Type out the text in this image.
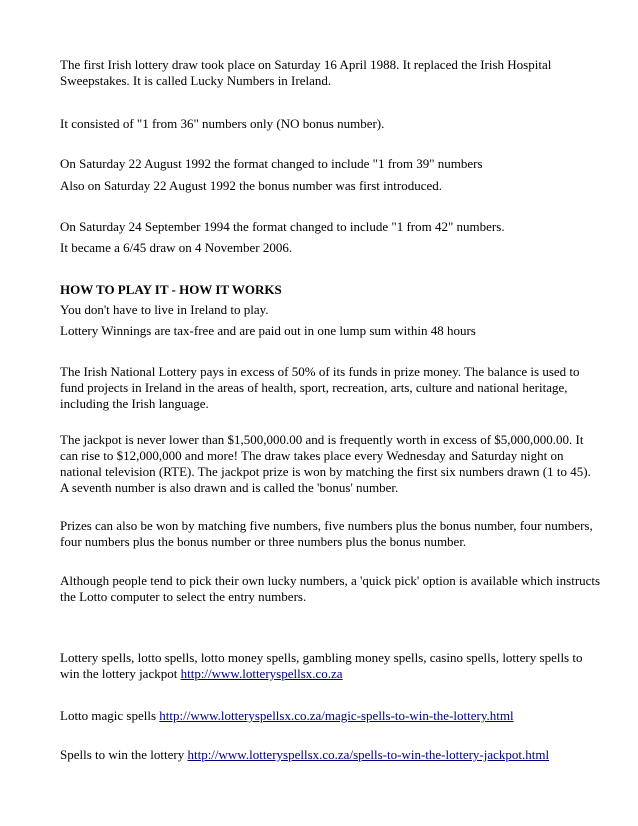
The first Irish lottery draw took place on Saturday 16 April 1988. It replaced the Irish Hospital
Sweepstakes. It is called Lucky Numbers in Ireland.
It consisted of "1 from 36" numbers only (NO bonus number).
On Saturday 22 August 1992 the format changed to include "1 from 39" numbers
Also on Saturday 22 August 1992 the bonus number was first introduced.
On Saturday 24 September 1994 the format changed to include "1 from 42" numbers.
It became a 6/45 draw on 4 November 2006.
HOW TO PLAY IT - HOW IT WORKS
You don't have to live in Ireland to play.
Lottery Winnings are tax-free and are paid out in one lump sum within 48 hours
The Irish National Lottery pays in excess of 50% of its funds in prize money. The balance is used to
fund projects in Ireland in the areas of health, sport, recreation, arts, culture and national heritage,
including the Irish language.
The jackpot is never lower than $1,500,000.00 and is frequently worth in excess of $5,000,000.00. It
can rise to $12,000,000 and more! The draw takes place every Wednesday and Saturday night on
national television (RTE). The jackpot prize is won by matching the first six numbers drawn (1 to 45).
A seventh number is also drawn and is called the 'bonus' number.
Prizes can also be won by matching five numbers, five numbers plus the bonus number, four numbers,
four numbers plus the bonus number or three numbers plus the bonus number.
Although people tend to pick their own lucky numbers, a 'quick pick' option is available which instructs
the Lotto computer to select the entry numbers.
Lottery spells, lotto spells, lotto money spells, gambling money spells, casino spells, lottery spells to
win the lottery jackpot http://www.lotteryspellsx.co.za
Lotto magic spells http://www.lotteryspellsx.co.za/magic-spells-to-win-the-lottery.html
Spells to win the lottery http://www.lotteryspellsx.co.za/spells-to-win-the-lottery-jackpot.html
